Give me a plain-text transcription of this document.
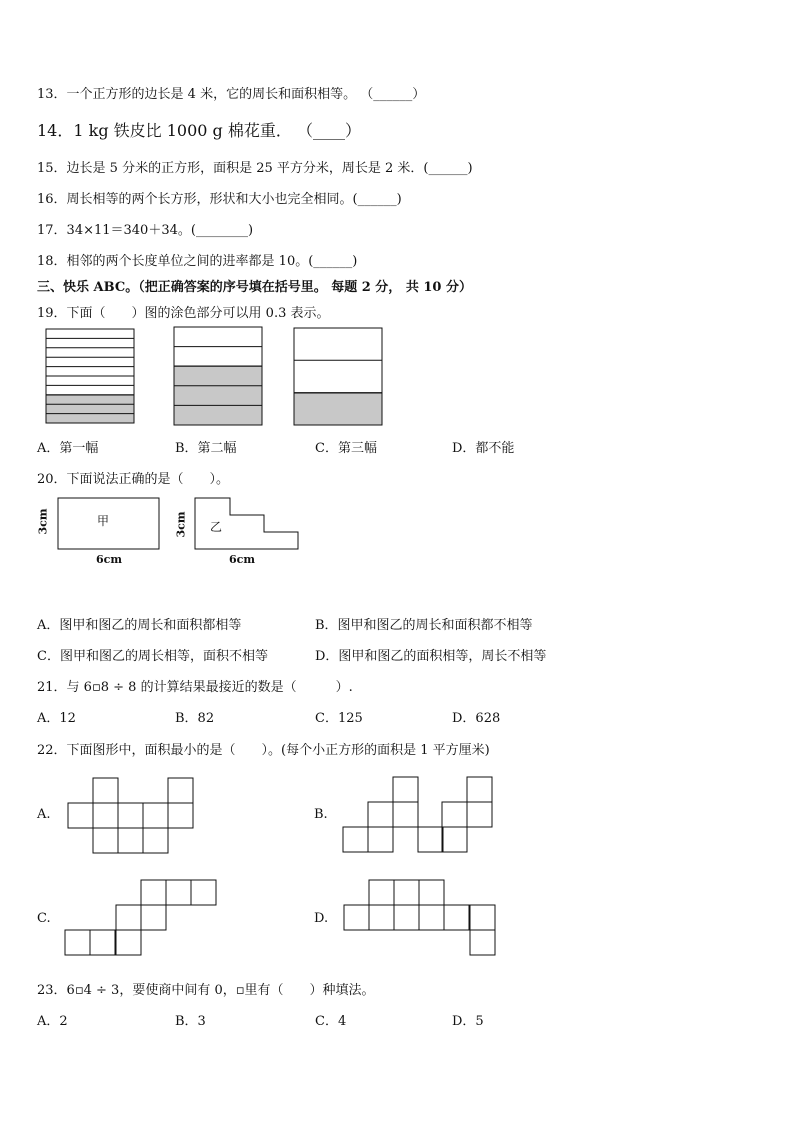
13．一个正方形的边长是 4 米，它的周长和面积相等。 （______）
14．1 kg 铁皮比 1000 g 棉花重． （____）
15．边长是 5 分米的正方形，面积是 25 平方分米，周长是 2 米．(______)
16．周长相等的两个长方形，形状和大小也完全相同。(______)
17．34×11＝340＋34。(________)
18．相邻的两个长度单位之间的进率都是 10。(______)
三、快乐 ABC。（把正确答案的序号填在括号里。 每题 2 分， 共 10 分）
19．下面（　　）图的涂色部分可以用 0.3 表示。
A．第一幅	B．第二幅	C．第三幅	D．都不能
20．下面说法正确的是（　　）。
甲	乙
3cm	3cm
6cm	6cm
A．图甲和图乙的周长和面积都相等	B．图甲和图乙的周长和面积都不相等
C．图甲和图乙的周长相等，面积不相等	D．图甲和图乙的面积相等，周长不相等
21．与 6▫8 ÷ 8 的计算结果最接近的数是（　　　）.
A．12	B．82	C．125	D．628
22．下面图形中，面积最小的是（　　）。(每个小正方形的面积是 1 平方厘米)
A.	B.
C.	D.
23．6▫4 ÷ 3，要使商中间有 0，▫里有（　　）种填法。
A．2	B．3	C．4	D．5
